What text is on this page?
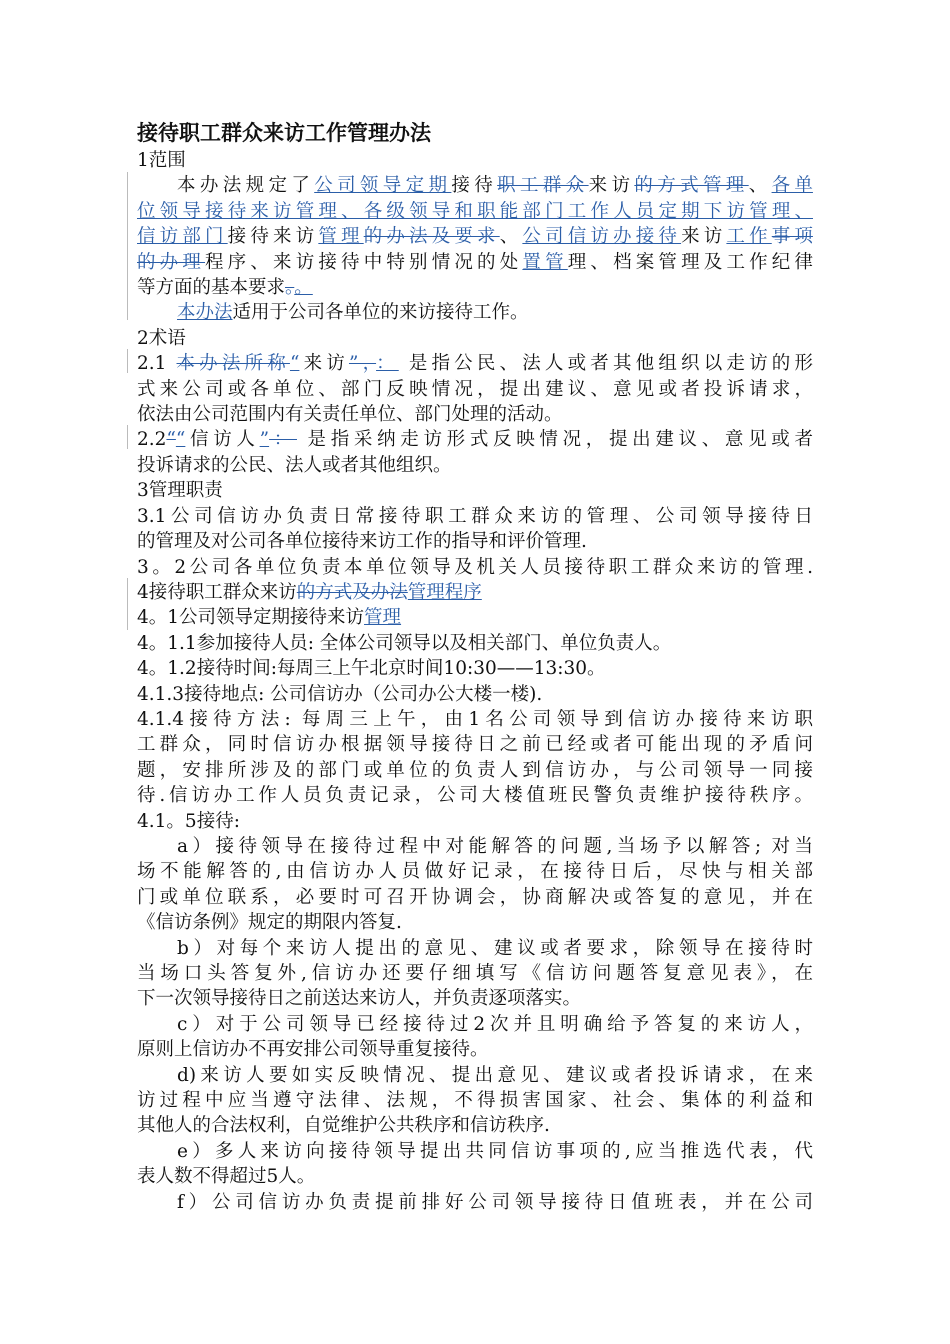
接待职工群众来访工作管理办法
1范围
本办法规定了公司领导定期接待职工群众来访的方式管理、各单
位领导接待来访管理、各级领导和职能部门工作人员定期下访管理、
信访部门接待来访管理的办法及要求、公司信访办接待来访工作事项
的办理程序、来访接待中特别情况的处置管理、档案管理及工作纪律
等方面的基本要求。。
本办法适用于公司各单位的来访接待工作。
2术语
2.1 本办法所称“来访”，： 是指公民、法人或者其他组织以走访的形
式来公司或各单位、部门反映情况，提出建议、意见或者投诉请求，
依法由公司范围内有关责任单位、部门处理的活动。
2.2““信访人”： 是指采纳走访形式反映情况，提出建议、意见或者
投诉请求的公民、法人或者其他组织。
3管理职责
3.1公司信访办负责日常接待职工群众来访的管理、公司领导接待日
的管理及对公司各单位接待来访工作的指导和评价管理.
3。2公司各单位负责本单位领导及机关人员接待职工群众来访的管理.
4接待职工群众来访的方式及办法管理程序
4。1公司领导定期接待来访管理
4。1.1参加接待人员: 全体公司领导以及相关部门、单位负责人。
4。1.2接待时间:每周三上午北京时间10:30——13:30。
4.1.3接待地点: 公司信访办（公司办公大楼一楼).
4.1.4接待方法: 每周三上午，由1名公司领导到信访办接待来访职
工群众，同时信访办根据领导接待日之前已经或者可能出现的矛盾问
题，安排所涉及的部门或单位的负责人到信访办，与公司领导一同接
待.信访办工作人员负责记录，公司大楼值班民警负责维护接待秩序。
4.1。5接待:
a）接待领导在接待过程中对能解答的问题,当场予以解答; 对当
场不能解答的,由信访办人员做好记录，在接待日后，尽快与相关部
门或单位联系，必要时可召开协调会，协商解决或答复的意见，并在
《信访条例》规定的期限内答复.
b）对每个来访人提出的意见、建议或者要求，除领导在接待时
当场口头答复外,信访办还要仔细填写《信访问题答复意见表》，在
下一次领导接待日之前送达来访人，并负责逐项落实。
c）对于公司领导已经接待过2次并且明确给予答复的来访人，
原则上信访办不再安排公司领导重复接待。
d)来访人要如实反映情况、提出意见、建议或者投诉请求，在来
访过程中应当遵守法律、法规，不得损害国家、社会、集体的利益和
其他人的合法权利，自觉维护公共秩序和信访秩序.
e）多人来访向接待领导提出共同信访事项的,应当推选代表，代
表人数不得超过5人。
f）公司信访办负责提前排好公司领导接待日值班表，并在公司
